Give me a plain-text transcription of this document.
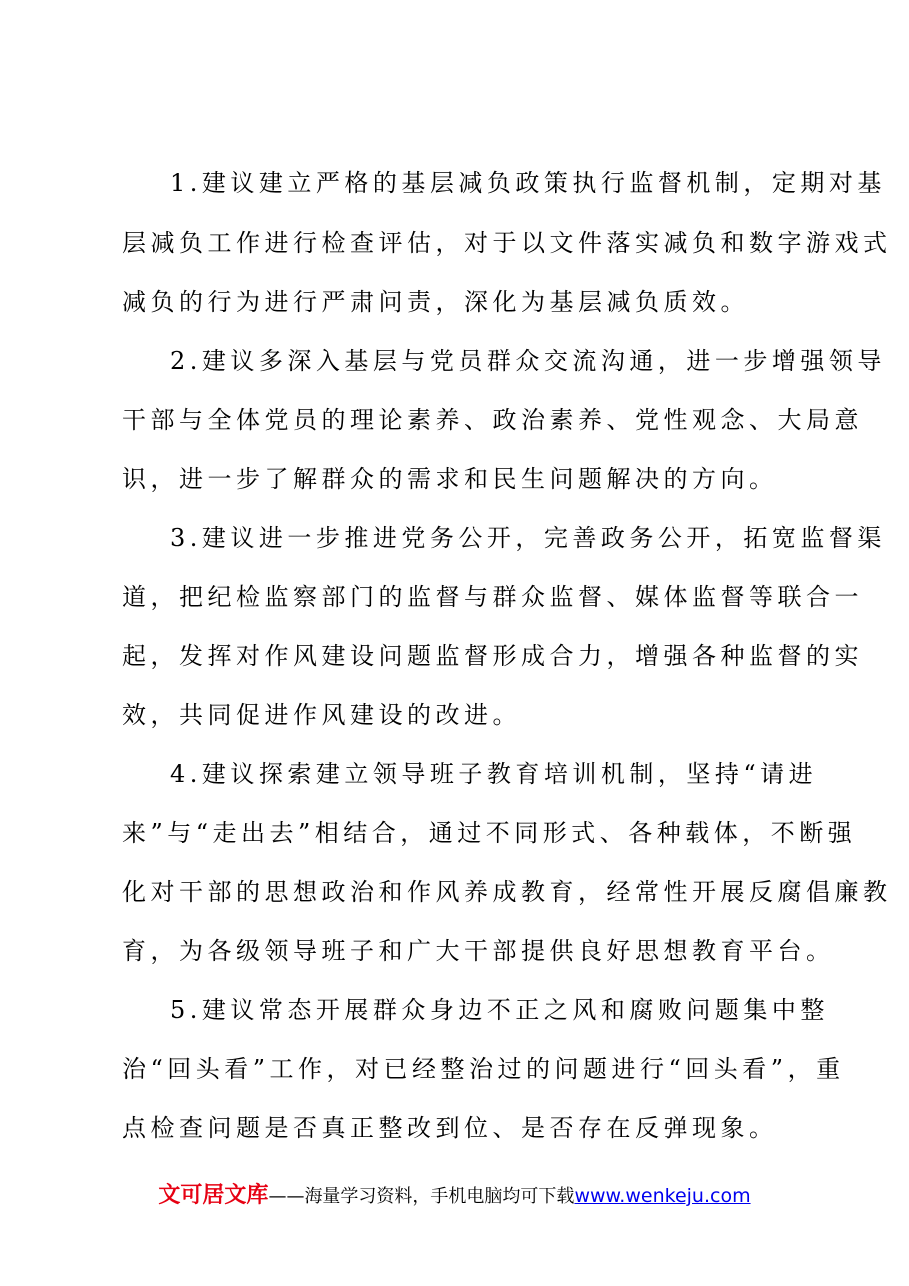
1.建议建立严格的基层减负政策执行监督机制，定期对基
层减负工作进行检查评估，对于以文件落实减负和数字游戏式
减负的行为进行严肃问责，深化为基层减负质效。
2.建议多深入基层与党员群众交流沟通，进一步增强领导
干部与全体党员的理论素养、政治素养、党性观念、大局意
识，进一步了解群众的需求和民生问题解决的方向。
3.建议进一步推进党务公开，完善政务公开，拓宽监督渠
道，把纪检监察部门的监督与群众监督、媒体监督等联合一
起，发挥对作风建设问题监督形成合力，增强各种监督的实
效，共同促进作风建设的改进。
4.建议探索建立领导班子教育培训机制，坚持“请进
来”与“走出去”相结合，通过不同形式、各种载体，不断强
化对干部的思想政治和作风养成教育，经常性开展反腐倡廉教
育，为各级领导班子和广大干部提供良好思想教育平台。
5.建议常态开展群众身边不正之风和腐败问题集中整
治“回头看”工作，对已经整治过的问题进行“回头看”，重
点检查问题是否真正整改到位、是否存在反弹现象。
文可居文库——海量学习资料，手机电脑均可下载www.wenkeju.com
